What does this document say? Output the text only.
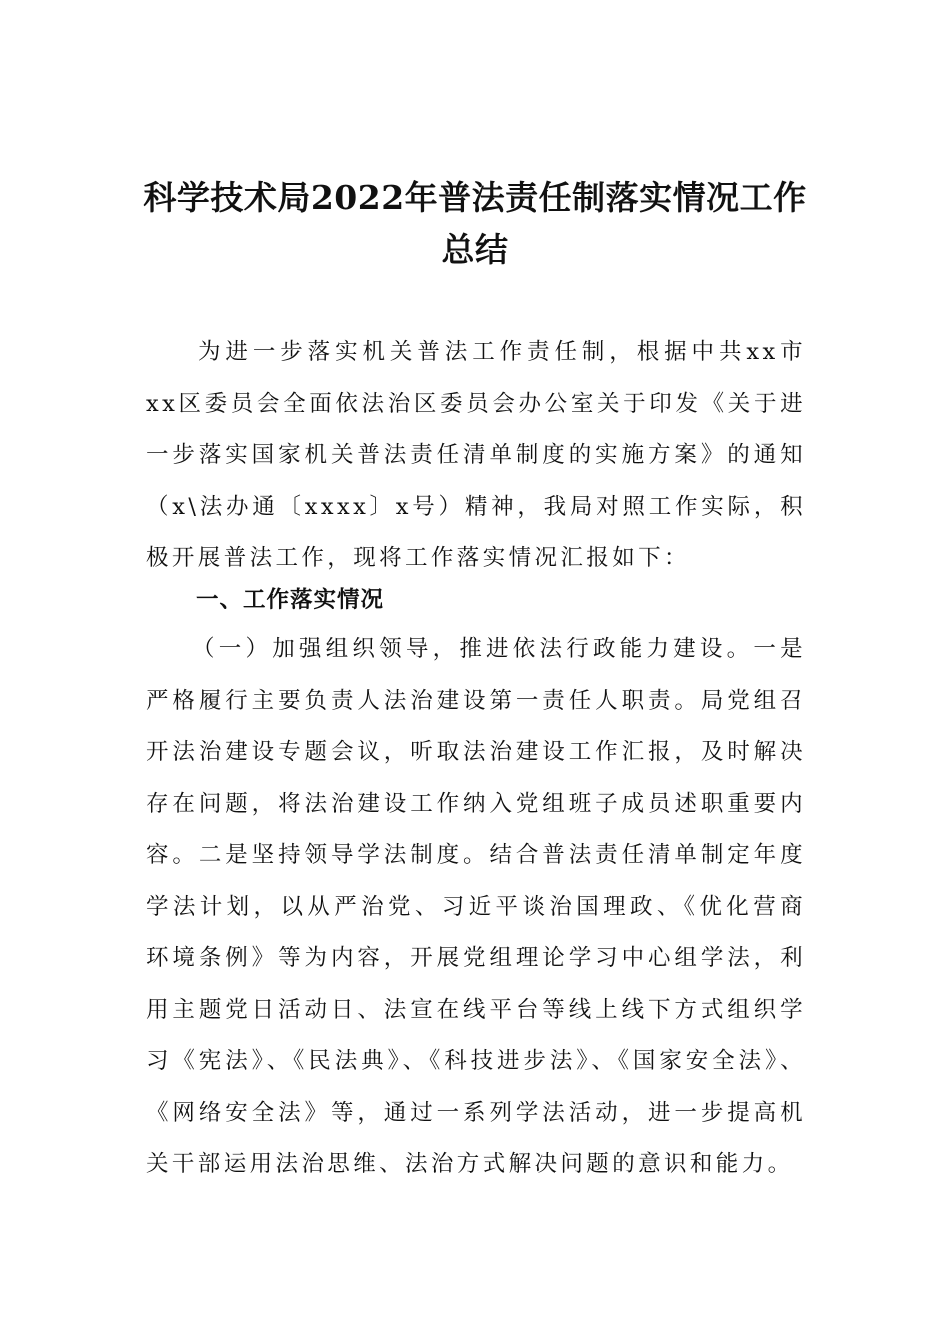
科学技术局2022年普法责任制落实情况工作总结

为进一步落实机关普法工作责任制，根据中共xx市xx区委员会全面依法治区委员会办公室关于印发《关于进一步落实国家机关普法责任清单制度的实施方案》的通知（x\法办通〔xxxx〕x号）精神，我局对照工作实际，积极开展普法工作，现将工作落实情况汇报如下：

一、工作落实情况

（一）加强组织领导，推进依法行政能力建设。一是严格履行主要负责人法治建设第一责任人职责。局党组召开法治建设专题会议，听取法治建设工作汇报，及时解决存在问题，将法治建设工作纳入党组班子成员述职重要内容。二是坚持领导学法制度。结合普法责任清单制定年度学法计划，以从严治党、习近平谈治国理政、《优化营商环境条例》等为内容，开展党组理论学习中心组学法，利用主题党日活动日、法宣在线平台等线上线下方式组织学习《宪法》、《民法典》、《科技进步法》、《国家安全法》、《网络安全法》等，通过一系列学法活动，进一步提高机关干部运用法治思维、法治方式解决问题的意识和能力。
